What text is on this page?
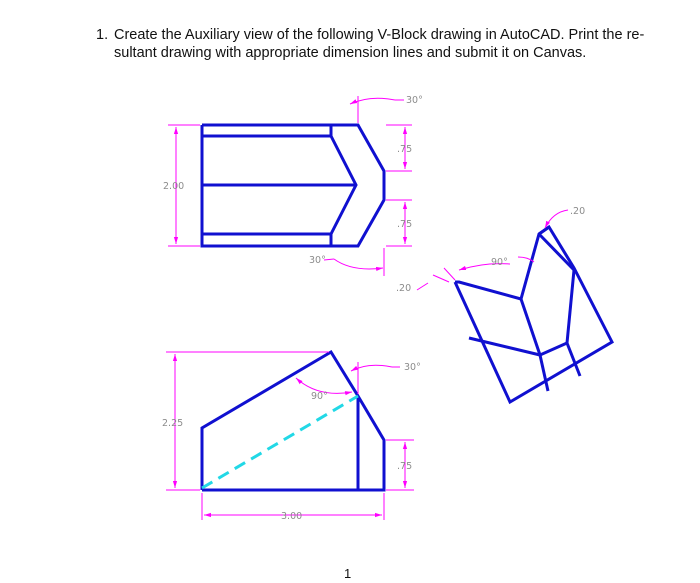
1. Create the Auxiliary view of the following V-Block drawing in AutoCAD. Print the re-
sultant drawing with appropriate dimension lines and submit it on Canvas.
30°
.75
2.00
.75
30°
.20
.20
90°
2.25
30°
90°
.75
3.00
1
